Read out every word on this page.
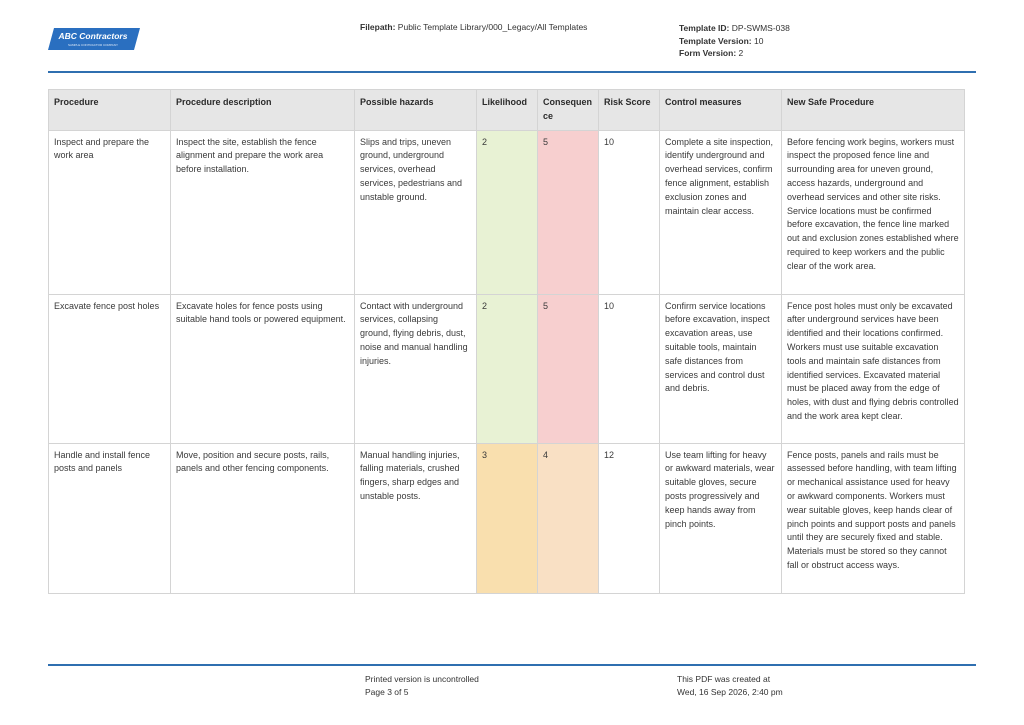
ABC Contractors
SAMPLE CONTRACTOR COMPANY
Filepath: Public Template Library/000_Legacy/All Templates	Template ID: DP-SWMS-038
Template Version: 10
Form Version: 2
Procedure	Procedure description	Possible hazards	Likelihood	Consequence	Risk Score	Control measures	New Safe Procedure
Inspect and prepare the work area	Inspect the site, establish the fence alignment and prepare the work area before installation.	Slips and trips, uneven ground, underground services, overhead services, pedestrians and unstable ground.	2	5	10	Complete a site inspection, identify underground and overhead services, confirm fence alignment, establish exclusion zones and maintain clear access.	Before fencing work begins, workers must inspect the proposed fence line and surrounding area for uneven ground, access hazards, underground and overhead services and other site risks. Service locations must be confirmed before excavation, the fence line marked out and exclusion zones established where required to keep workers and the public clear of the work area.
Excavate fence post holes	Excavate holes for fence posts using suitable hand tools or powered equipment.	Contact with underground services, collapsing ground, flying debris, dust, noise and manual handling injuries.	2	5	10	Confirm service locations before excavation, inspect excavation areas, use suitable tools, maintain safe distances from services and control dust and debris.	Fence post holes must only be excavated after underground services have been identified and their locations confirmed. Workers must use suitable excavation tools and maintain safe distances from identified services. Excavated material must be placed away from the edge of holes, with dust and flying debris controlled and the work area kept clear.
Handle and install fence posts and panels	Move, position and secure posts, rails, panels and other fencing components.	Manual handling injuries, falling materials, crushed fingers, sharp edges and unstable posts.	3	4	12	Use team lifting for heavy or awkward materials, wear suitable gloves, secure posts progressively and keep hands away from pinch points.	Fence posts, panels and rails must be assessed before handling, with team lifting or mechanical assistance used for heavy or awkward components. Workers must wear suitable gloves, keep hands clear of pinch points and support posts and panels until they are securely fixed and stable. Materials must be stored so they cannot fall or obstruct access ways.
Printed version is uncontrolled
Page 3 of 5
This PDF was created at
Wed, 16 Sep 2026, 2:40 pm
